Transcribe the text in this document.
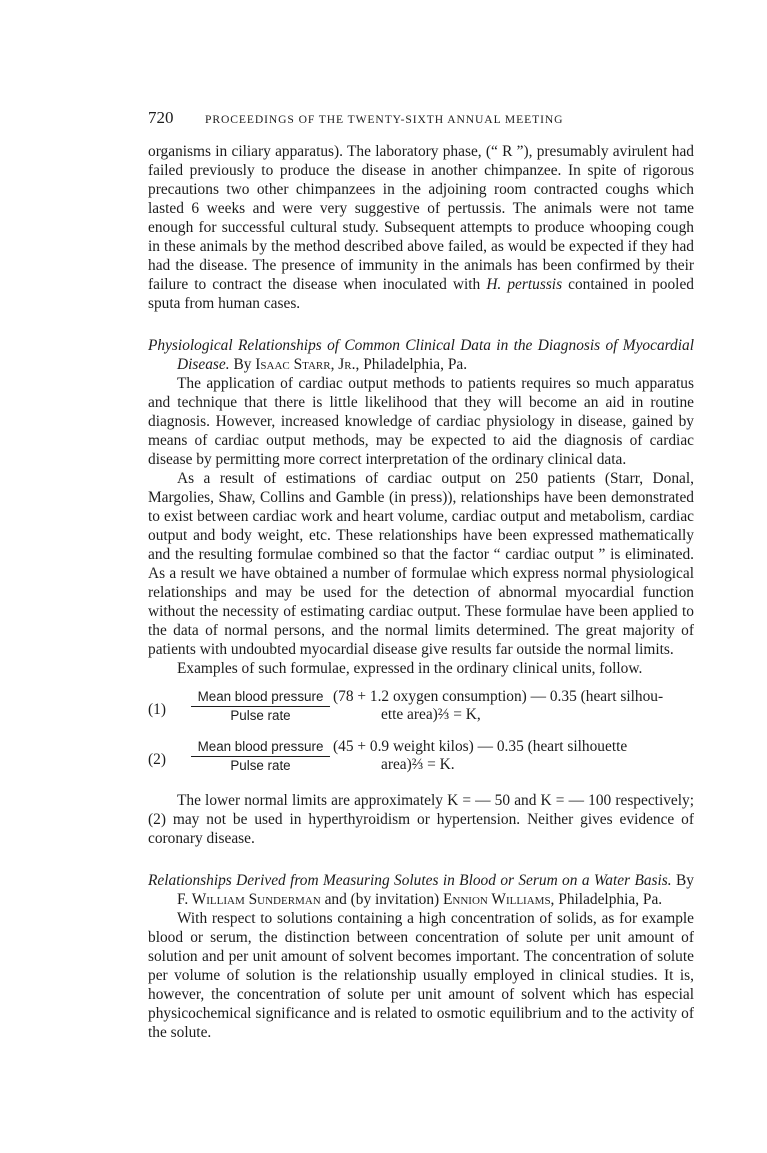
720	PROCEEDINGS OF THE TWENTY-SIXTH ANNUAL MEETING

organisms in ciliary apparatus). The laboratory phase, (“ R ”), presumably avirulent had failed previously to produce the disease in another chimpanzee. In spite of rigorous precautions two other chimpanzees in the adjoining room contracted coughs which lasted 6 weeks and were very suggestive of pertussis. The animals were not tame enough for successful cultural study. Subsequent attempts to produce whooping cough in these animals by the method described above failed, as would be expected if they had had the disease. The presence of immunity in the animals has been confirmed by their failure to contract the disease when inoculated with H. pertussis contained in pooled sputa from human cases.

Physiological Relationships of Common Clinical Data in the Diagnosis of Myocardial Disease. By Isaac Starr, Jr., Philadelphia, Pa.

The application of cardiac output methods to patients requires so much apparatus and technique that there is little likelihood that they will become an aid in routine diagnosis. However, increased knowledge of cardiac physiology in disease, gained by means of cardiac output methods, may be expected to aid the diagnosis of cardiac disease by permitting more correct interpretation of the ordinary clinical data.

As a result of estimations of cardiac output on 250 patients (Starr, Donal, Margolies, Shaw, Collins and Gamble (in press)), relationships have been demonstrated to exist between cardiac work and heart volume, cardiac output and metabolism, cardiac output and body weight, etc. These relationships have been expressed mathematically and the resulting formulae combined so that the factor “ cardiac output ” is eliminated. As a result we have obtained a number of formulae which express normal physiological relationships and may be used for the detection of abnormal myocardial function without the necessity of estimating cardiac output. These formulae have been applied to the data of normal persons, and the normal limits determined. The great majority of patients with undoubted myocardial disease give results far outside the normal limits.

Examples of such formulae, expressed in the ordinary clinical units, follow.

(1)
Mean blood pressure
Pulse rate
(78 + 1.2 oxygen consumption) — 0.35 (heart silhou-
ette area)⅔ = K,
(2)
Mean blood pressure
Pulse rate
(45 + 0.9 weight kilos) — 0.35 (heart silhouette
area)⅔ = K.

The lower normal limits are approximately K = — 50 and K = — 100 respectively; (2) may not be used in hyperthyroidism or hypertension. Neither gives evidence of coronary disease.

Relationships Derived from Measuring Solutes in Blood or Serum on a Water Basis. By F. William Sunderman and (by invitation) Ennion Williams, Philadelphia, Pa.

With respect to solutions containing a high concentration of solids, as for example blood or serum, the distinction between concentration of solute per unit amount of solution and per unit amount of solvent becomes important. The concentration of solute per volume of solution is the relationship usually employed in clinical studies. It is, however, the concentration of solute per unit amount of solvent which has especial physicochemical significance and is related to osmotic equilibrium and to the activity of the solute.
